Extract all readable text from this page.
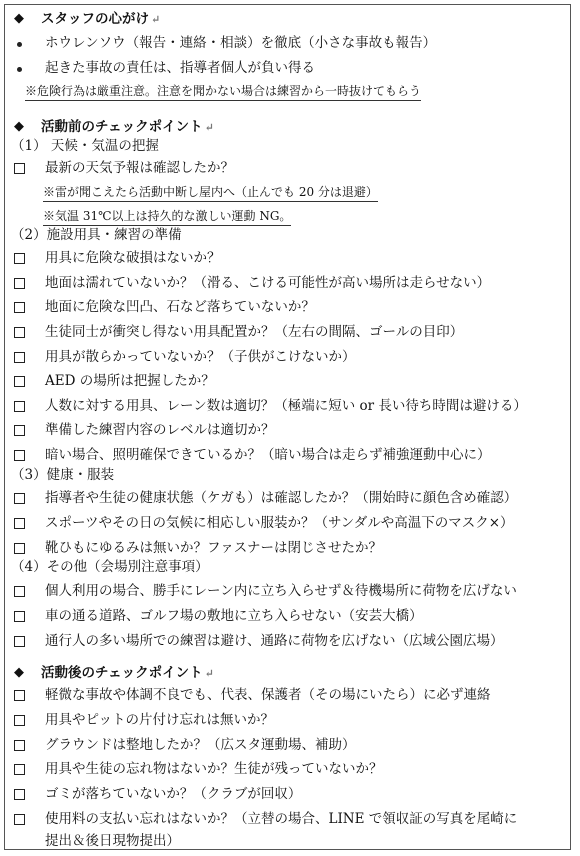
◆ スタッフの心がけ ↵
ホウレンソウ（報告・連絡・相談）を徹底（小さな事故も報告）
起きた事故の責任は、指導者個人が負い得る
※危険行為は厳重注意。注意を聞かない場合は練習から一時抜けてもらう
◆ 活動前のチェックポイント ↵
（1） 天候・気温の把握
最新の天気予報は確認したか？
※雷が聞こえたら活動中断し屋内へ（止んでも 20 分は退避）
※気温 31℃以上は持久的な激しい運動 NG。
（2）施設用具・練習の準備
用具に危険な破損はないか？
地面は濡れていないか？（滑る、こける可能性が高い場所は走らせない）
地面に危険な凹凸、石など落ちていないか？
生徒同士が衝突し得ない用具配置か？（左右の間隔、ゴールの目印）
用具が散らかっていないか？（子供がこけないか）
AED の場所は把握したか？
人数に対する用具、レーン数は適切？（極端に短い or 長い待ち時間は避ける）
準備した練習内容のレベルは適切か？
暗い場合、照明確保できているか？（暗い場合は走らず補強運動中心に）
（3）健康・服装
指導者や生徒の健康状態（ケガも）は確認したか？（開始時に顔色含め確認）
スポーツやその日の気候に相応しい服装か？（サンダルや高温下のマスク×）
靴ひもにゆるみは無いか？ファスナーは閉じさせたか？
（4）その他（会場別注意事項）
個人利用の場合、勝手にレーン内に立ち入らせず＆待機場所に荷物を広げない
車の通る道路、ゴルフ場の敷地に立ち入らせない（安芸大橋）
通行人の多い場所での練習は避け、通路に荷物を広げない（広域公園広場）
◆ 活動後のチェックポイント ↵
軽微な事故や体調不良でも、代表、保護者（その場にいたら）に必ず連絡
用具やピットの片付け忘れは無いか？
グラウンドは整地したか？（広スタ運動場、補助）
用具や生徒の忘れ物はないか？生徒が残っていないか？
ゴミが落ちていないか？（クラブが回収）
使用料の支払い忘れはないか？（立替の場合、LINE で領収証の写真を尾崎に
提出＆後日現物提出）
